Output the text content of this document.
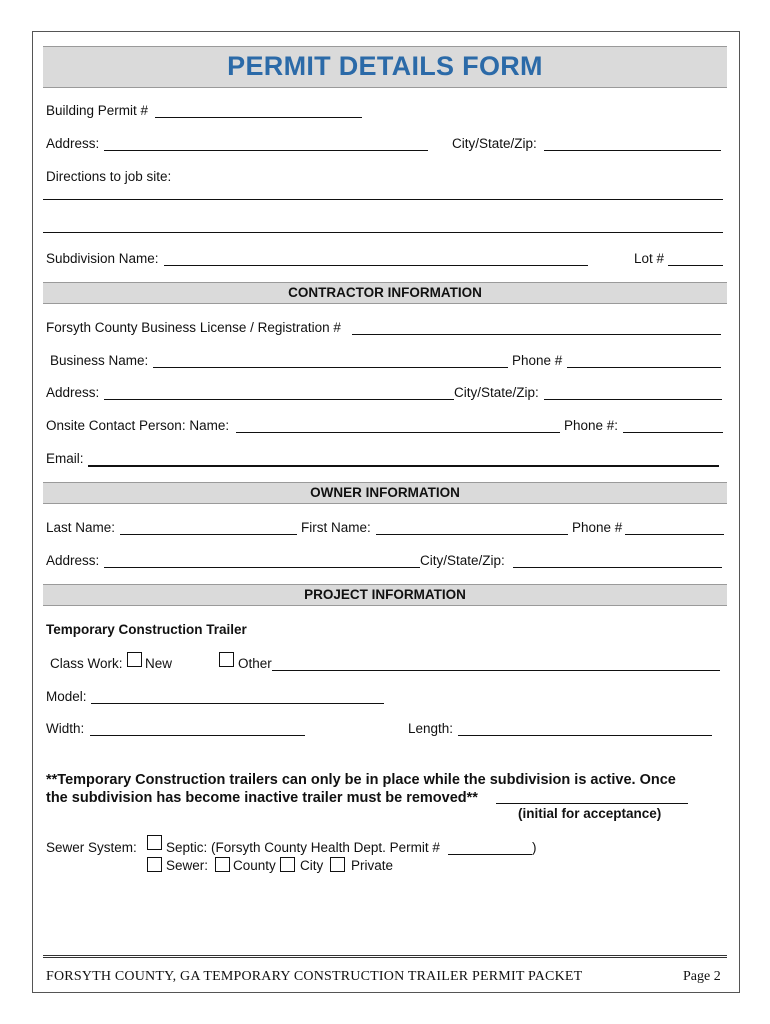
PERMIT DETAILS FORM
Building Permit #
Address:	City/State/Zip:
Directions to job site:
Subdivision Name:	Lot #
CONTRACTOR INFORMATION
Forsyth County Business License / Registration #
Business Name:	Phone #
Address:	City/State/Zip:
Onsite Contact Person: Name:	Phone #:
Email:
OWNER INFORMATION
Last Name:	First Name:	Phone #
Address:	City/State/Zip:
PROJECT INFORMATION
Temporary Construction Trailer
Class Work: New	Other
Model:
Width:	Length:
**Temporary Construction trailers can only be in place while the subdivision is active. Once
the subdivision has become inactive trailer must be removed**
(initial for acceptance)
Sewer System: Septic: (Forsyth County Health Dept. Permit #	)
Sewer: County City Private
FORSYTH COUNTY, GA TEMPORARY CONSTRUCTION TRAILER PERMIT PACKET	Page 2
